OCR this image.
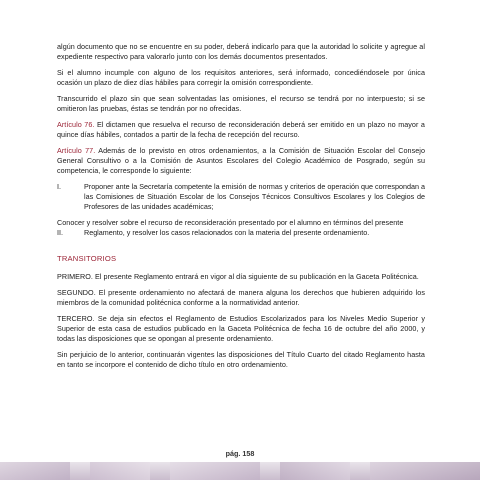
algún documento que no se encuentre en su poder, deberá indicarlo para que la autoridad lo solicite y agregue al expediente respectivo para valorarlo junto con los demás documentos presentados.

Si el alumno incumple con alguno de los requisitos anteriores, será informado, concediéndosele por única ocasión un plazo de diez días hábiles para corregir la omisión correspondiente.

Transcurrido el plazo sin que sean solventadas las omisiones, el recurso se tendrá por no interpuesto; si se omitieron las pruebas, éstas se tendrán por no ofrecidas.

Artículo 76. El dictamen que resuelva el recurso de reconsideración deberá ser emitido en un plazo no mayor a quince días hábiles, contados a partir de la fecha de recepción del recurso.

Artículo 77. Además de lo previsto en otros ordenamientos, a la Comisión de Situación Escolar del Consejo General Consultivo o a la Comisión de Asuntos Escolares del Colegio Académico de Posgrado, según su competencia, le corresponde lo siguiente:

I.	Proponer ante la Secretaría competente la emisión de normas y criterios de operación que correspondan a las Comisiones de Situación Escolar de los Consejos Técnicos Consultivos Escolares y los Colegios de Profesores de las unidades académicas;

Conocer y resolver sobre el recurso de reconsideración presentado por el alumno en términos del presente

II.	Reglamento, y resolver los casos relacionados con la materia del presente ordenamiento.
TRANSITORIOS

PRIMERO. El presente Reglamento entrará en vigor al día siguiente de su publicación en la Gaceta Politécnica.

SEGUNDO. El presente ordenamiento no afectará de manera alguna los derechos que hubieren adquirido los miembros de la comunidad politécnica conforme a la normatividad anterior.

TERCERO. Se deja sin efectos el Reglamento de Estudios Escolarizados para los Niveles Medio Superior y Superior de esta casa de estudios publicado en la Gaceta Politécnica de fecha 16 de octubre del año 2000, y todas las disposiciones que se opongan al presente ordenamiento.

Sin perjuicio de lo anterior, continuarán vigentes las disposiciones del Título Cuarto del citado Reglamento hasta en tanto se incorpore el contenido de dicho título en otro ordenamiento.

pág. 158
